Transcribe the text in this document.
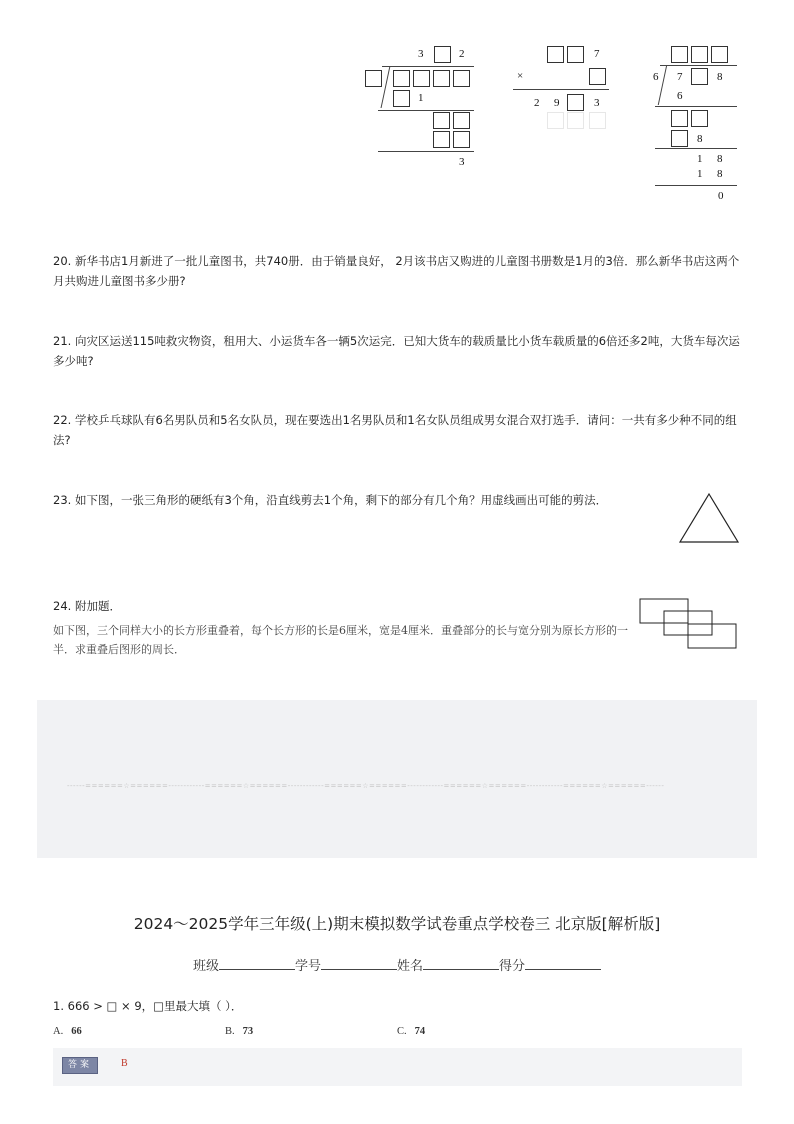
3	2
1
3
7
×
2 9	3
6 7	8
6
8
1 8
1 8
0
20. 新华书店1月新进了一批儿童图书，共740册．由于销量良好， 2月该书店又购进的儿童图书册数是1月的3倍．那么新华书店这两个月共购进儿童图书多少册?
21. 向灾区运送115吨救灾物资，租用大、小运货车各一辆5次运完．已知大货车的载质量比小货车载质量的6倍还多2吨，大货车每次运多少吨?
22. 学校乒乓球队有6名男队员和5名女队员，现在要选出1名男队员和1名女队员组成男女混合双打选手．请问：一共有多少种不同的组法?
23. 如下图，一张三角形的硬纸有3个角，沿直线剪去1个角，剩下的部分有几个角？用虚线画出可能的剪法．
24. 附加题．
如下图，三个同样大小的长方形重叠着，每个长方形的长是6厘米，宽是4厘米．重叠部分的长与宽分别为原长方形的一半．求重叠后图形的周长．
------======☆======------------======☆======------------======☆======------------======☆======------------======☆======------
2024～2025学年三年级(上)期末模拟数学试卷重点学校卷三 北京版[解析版]
班级	学号	姓名	得分
1. 666 > □ × 9，□里最大填（ ）．
A. 66	B. 73	C. 74
答案	B
